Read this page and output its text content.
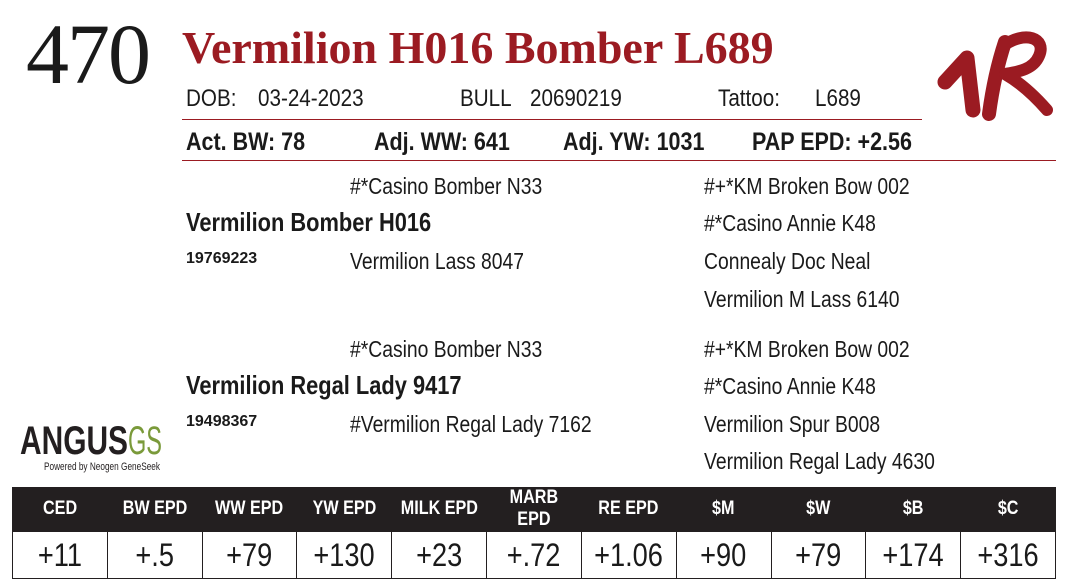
470 Vermilion H016 Bomber L689
DOB: 03-24-2023	BULL 20690219	Tattoo: L689
Act. BW: 78	Adj. WW: 641 Adj. YW: 1031 PAP EPD: +2.56
#*Casino Bomber N33
Vermilion Bomber H016
19769223	Vermilion Lass 8047
#+*KM Broken Bow 002
#*Casino Annie K48
Connealy Doc Neal
Vermilion M Lass 6140
#*Casino Bomber N33
Vermilion Regal Lady 9417
19498367	#Vermilion Regal Lady 7162
#+*KM Broken Bow 002
#*Casino Annie K48
Vermilion Spur B008
Vermilion Regal Lady 4630
ANGUS GS
Powered by Neogen GeneSeek
CED	BW EPD	WW EPD	YW EPD	MILK EPD	MARB EPD	RE EPD	$M	$W	$B	$C
+11	+.5	+79	+130	+23	+.72	+1.06	+90	+79	+174	+316
